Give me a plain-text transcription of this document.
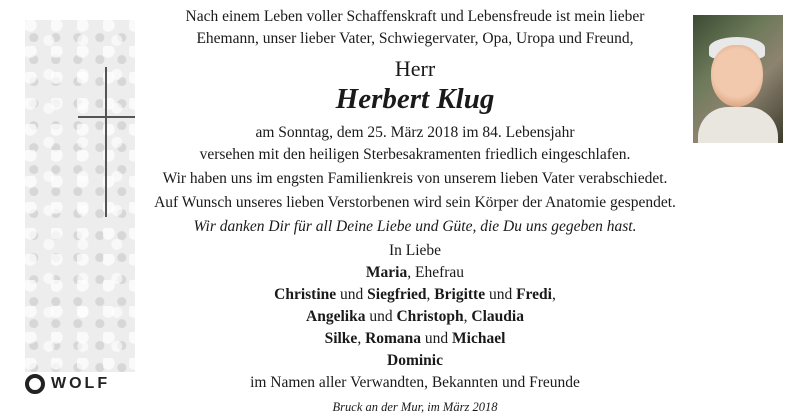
Nach einem Leben voller Schaffenskraft und Lebensfreude ist mein lieber
Ehemann, unser lieber Vater, Schwiegervater, Opa, Uropa und Freund,
Herr
Herbert Klug
am Sonntag, dem 25. März 2018 im 84. Lebensjahr
versehen mit den heiligen Sterbesakramenten friedlich eingeschlafen.
Wir haben uns im engsten Familienkreis von unserem lieben Vater verabschiedet.
Auf Wunsch unseres lieben Verstorbenen wird sein Körper der Anatomie gespendet.
Wir danken Dir für all Deine Liebe und Güte, die Du uns gegeben hast.
In Liebe
Maria, Ehefrau
Christine und Siegfried, Brigitte und Fredi,
Angelika und Christoph, Claudia
Silke, Romana und Michael
Dominic
im Namen aller Verwandten, Bekannten und Freunde
Bruck an der Mur, im März 2018
WOLF
